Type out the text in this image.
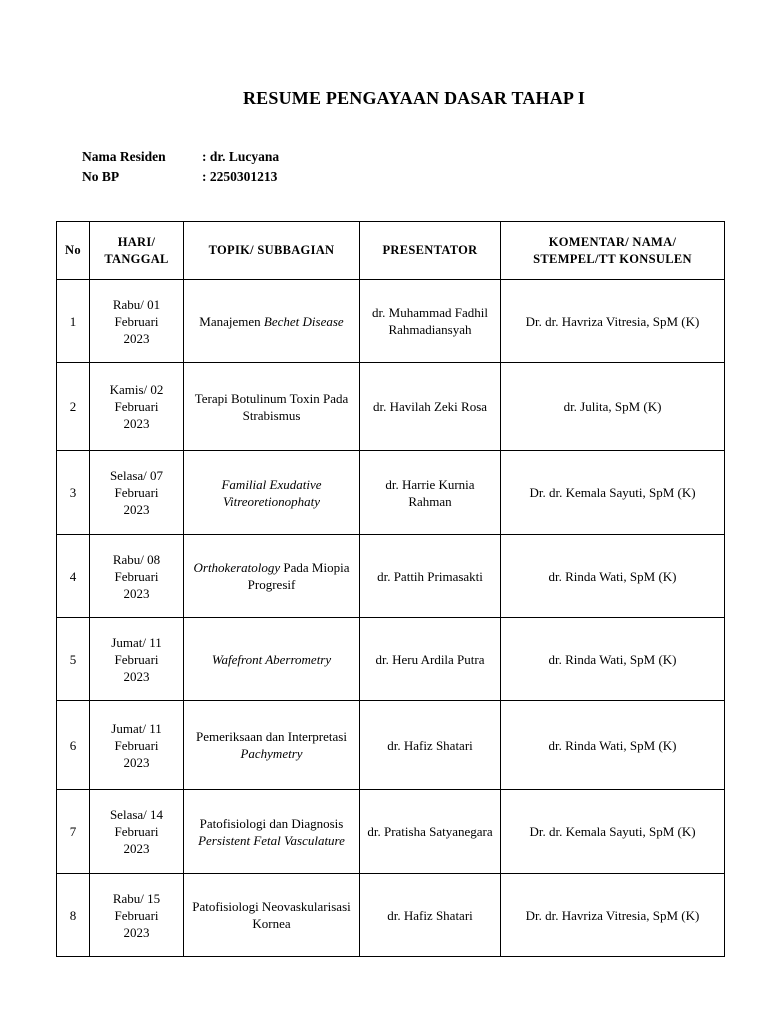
RESUME PENGAYAAN DASAR TAHAP I
Nama Residen	: dr. Lucyana
No BP	: 2250301213
No	HARI/
TANGGAL	TOPIK/ SUBBAGIAN	PRESENTATOR	KOMENTAR/ NAMA/
STEMPEL/TT KONSULEN
1	Rabu/ 01
Februari
2023	Manajemen Bechet Disease	dr. Muhammad Fadhil Rahmadiansyah	Dr. dr. Havriza Vitresia, SpM (K)
2	Kamis/ 02
Februari
2023	Terapi Botulinum Toxin Pada Strabismus	dr. Havilah Zeki Rosa	dr. Julita, SpM (K)
3	Selasa/ 07
Februari
2023	Familial Exudative Vitreoretionophaty	dr. Harrie Kurnia Rahman	Dr. dr. Kemala Sayuti, SpM (K)
4	Rabu/ 08
Februari
2023	Orthokeratology Pada Miopia Progresif	dr. Pattih Primasakti	dr. Rinda Wati, SpM (K)
5	Jumat/ 11
Februari
2023	Wafefront Aberrometry	dr. Heru Ardila Putra	dr. Rinda Wati, SpM (K)
6	Jumat/ 11
Februari
2023	Pemeriksaan dan Interpretasi Pachymetry	dr. Hafiz Shatari	dr. Rinda Wati, SpM (K)
7	Selasa/ 14
Februari
2023	Patofisiologi dan Diagnosis Persistent Fetal Vasculature	dr. Pratisha Satyanegara	Dr. dr. Kemala Sayuti, SpM (K)
8	Rabu/ 15
Februari
2023	Patofisiologi Neovaskularisasi Kornea	dr. Hafiz Shatari	Dr. dr. Havriza Vitresia, SpM (K)
